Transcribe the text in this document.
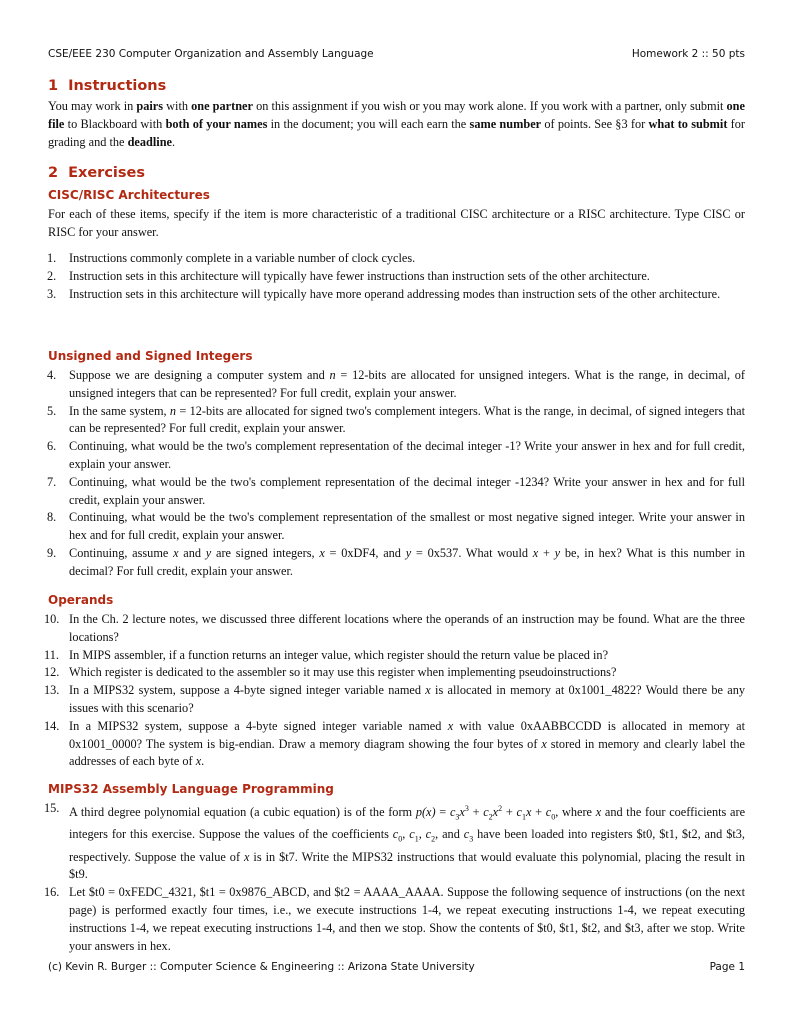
CSE/EEE 230 Computer Organization and Assembly Language	Homework 2 :: 50 pts
1 Instructions

You may work in pairs with one partner on this assignment if you wish or you may work alone. If you work with a partner, only submit one file to Blackboard with both of your names in the document; you will each earn the same number of points. See §3 for what to submit for grading and the deadline.

2 Exercises
CISC/RISC Architectures

For each of these items, specify if the item is more characteristic of a traditional CISC architecture or a RISC architecture. Type CISC or RISC for your answer.

1. Instructions commonly complete in a variable number of clock cycles.
2. Instruction sets in this architecture will typically have fewer instructions than instruction sets of the other architecture.
3. Instruction sets in this architecture will typically have more operand addressing modes than instruction sets of the other architecture.
Unsigned and Signed Integers
4. Suppose we are designing a computer system and n = 12-bits are allocated for unsigned integers. What is the range, in decimal, of unsigned integers that can be represented? For full credit, explain your answer.
5. In the same system, n = 12-bits are allocated for signed two's complement integers. What is the range, in decimal, of signed integers that can be represented? For full credit, explain your answer.
6. Continuing, what would be the two's complement representation of the decimal integer -1? Write your answer in hex and for full credit, explain your answer.
7. Continuing, what would be the two's complement representation of the decimal integer -1234? Write your answer in hex and for full credit, explain your answer.
8. Continuing, what would be the two's complement representation of the smallest or most negative signed integer. Write your answer in hex and for full credit, explain your answer.
9. Continuing, assume x and y are signed integers, x = 0xDF4, and y = 0x537. What would x + y be, in hex? What is this number in decimal? For full credit, explain your answer.
Operands
10. In the Ch. 2 lecture notes, we discussed three different locations where the operands of an instruction may be found. What are the three locations?
11. In MIPS assembler, if a function returns an integer value, which register should the return value be placed in?
12. Which register is dedicated to the assembler so it may use this register when implementing pseudoinstructions?
13. In a MIPS32 system, suppose a 4-byte signed integer variable named x is allocated in memory at 0x1001_4822? Would there be any issues with this scenario?
14. In a MIPS32 system, suppose a 4-byte signed integer variable named x with value 0xAABBCCDD is allocated in memory at 0x1001_0000? The system is big-endian. Draw a memory diagram showing the four bytes of x stored in memory and clearly label the addresses of each byte of x.
MIPS32 Assembly Language Programming
15. A third degree polynomial equation (a cubic equation) is of the form $p(x) = c_3x^3 + c_2x^2 + c_1x + c_0$, where x and the four coefficients are integers for this exercise. Suppose the values of the coefficients $c_0$, $c_1$, $c_2$, and $c_3$ have been loaded into registers $t0, $t1, $t2, and $t3, respectively. Suppose the value of x is in $t7. Write the MIPS32 instructions that would evaluate this polynomial, placing the result in $t9.
16. Let $t0 = 0xFEDC_4321, $t1 = 0x9876_ABCD, and $t2 = AAAA_AAAA. Suppose the following sequence of instructions (on the next page) is performed exactly four times, i.e., we execute instructions 1-4, we repeat executing instructions 1-4, we repeat executing instructions 1-4, we repeat executing instructions 1-4, and then we stop. Show the contents of $t0, $t1, $t2, and $t3, after we stop. Write your answers in hex.
(c) Kevin R. Burger :: Computer Science & Engineering :: Arizona State University	Page 1
